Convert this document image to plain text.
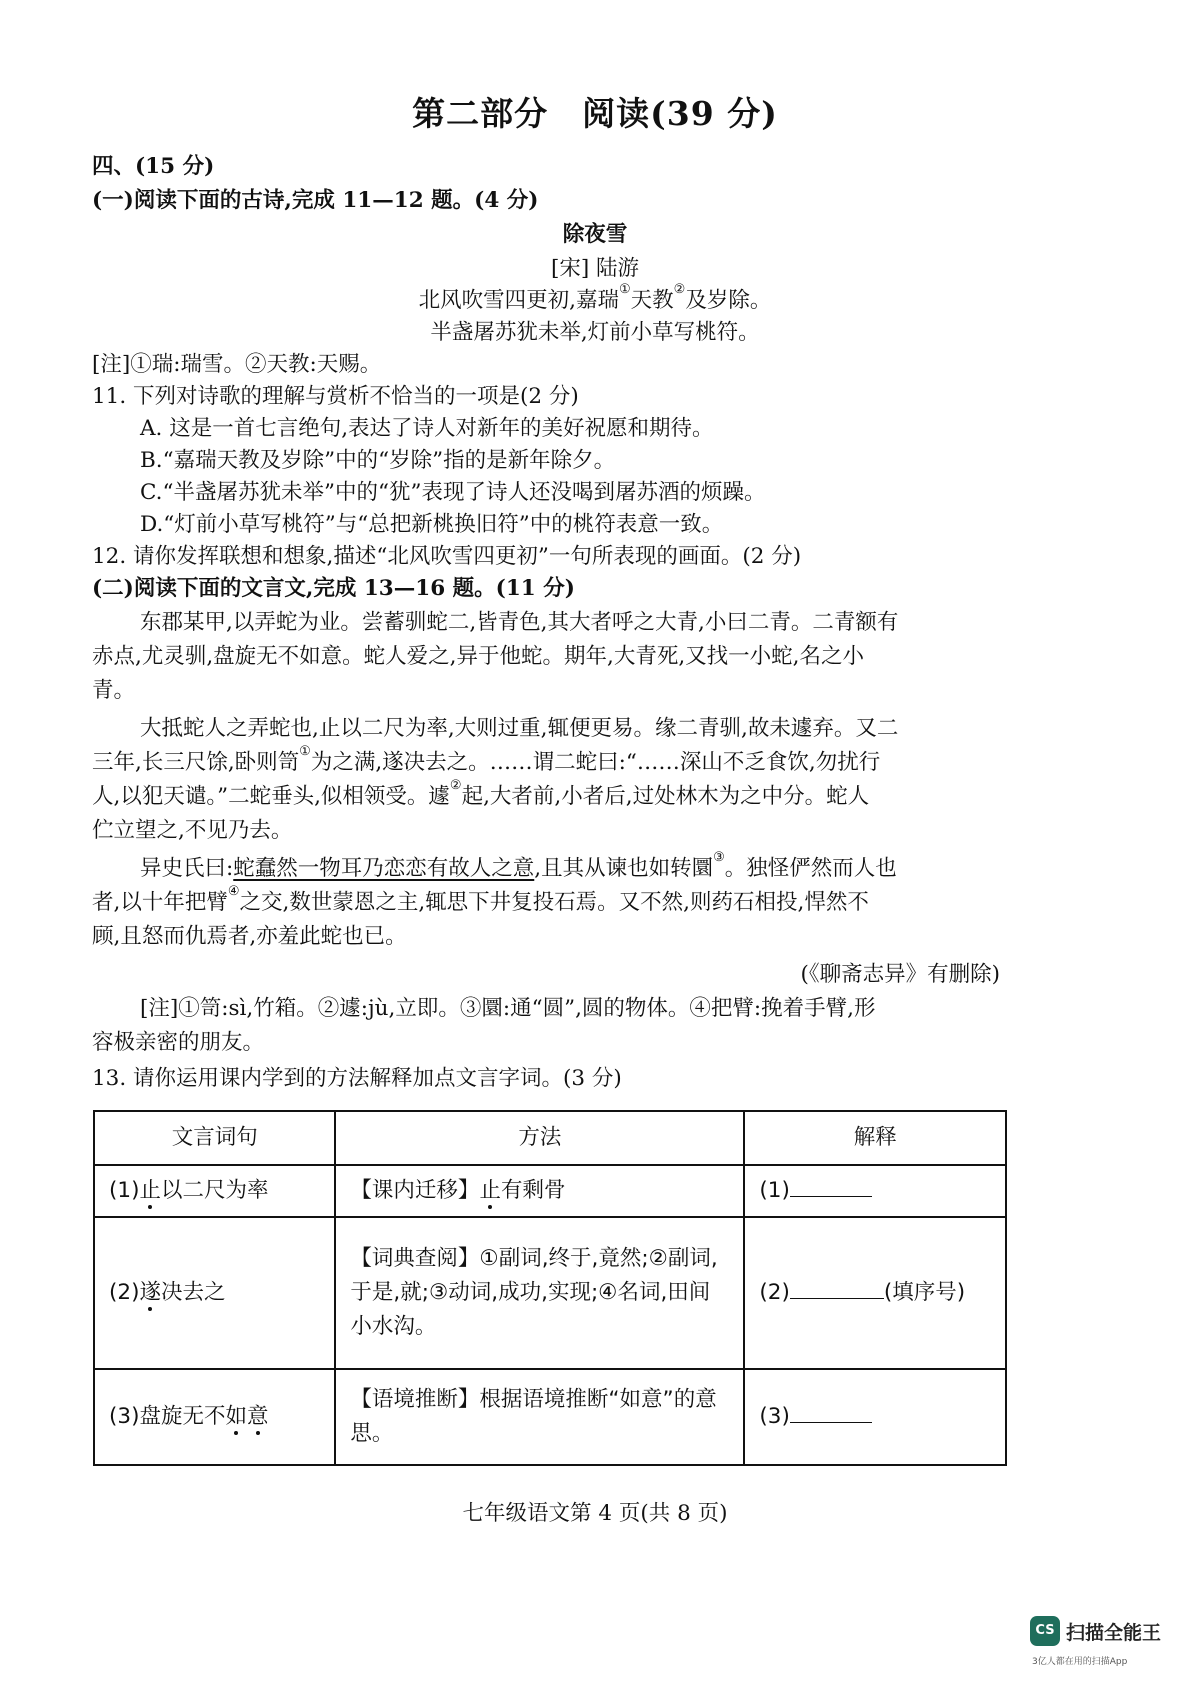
第二部分　阅读(39 分)
四、(15 分)
(一)阅读下面的古诗,完成 11—12 题。(4 分)
除夜雪
[宋] 陆游
北风吹雪四更初,嘉瑞①天教②及岁除。
半盏屠苏犹未举,灯前小草写桃符。
[注]①瑞:瑞雪。②天教:天赐。
11. 下列对诗歌的理解与赏析不恰当的一项是(2 分)
A. 这是一首七言绝句,表达了诗人对新年的美好祝愿和期待。
B.“嘉瑞天教及岁除”中的“岁除”指的是新年除夕。
C.“半盏屠苏犹未举”中的“犹”表现了诗人还没喝到屠苏酒的烦躁。
D.“灯前小草写桃符”与“总把新桃换旧符”中的桃符表意一致。
12. 请你发挥联想和想象,描述“北风吹雪四更初”一句所表现的画面。(2 分)
(二)阅读下面的文言文,完成 13—16 题。(11 分)
东郡某甲,以弄蛇为业。尝蓄驯蛇二,皆青色,其大者呼之大青,小曰二青。二青额有
赤点,尤灵驯,盘旋无不如意。蛇人爱之,异于他蛇。期年,大青死,又找一小蛇,名之小
青。
大抵蛇人之弄蛇也,止以二尺为率,大则过重,辄便更易。缘二青驯,故未遽弃。又二
三年,长三尺馀,卧则笥①为之满,遂决去之。……谓二蛇曰:“……深山不乏食饮,勿扰行
人,以犯天谴。”二蛇垂头,似相领受。遽②起,大者前,小者后,过处林木为之中分。蛇人
伫立望之,不见乃去。
异史氏曰:蛇蠢然一物耳乃恋恋有故人之意,且其从谏也如转圜③。独怪俨然而人也
者,以十年把臂④之交,数世蒙恩之主,辄思下井复投石焉。又不然,则药石相投,悍然不
顾,且怒而仇焉者,亦羞此蛇也已。
(《聊斋志异》有删除)
[注]①笥:sì,竹箱。②遽:jù,立即。③圜:通“圆”,圆的物体。④把臂:挽着手臂,形
容极亲密的朋友。
13. 请你运用课内学到的方法解释加点文言字词。(3 分)
文言词句	方法	解释
(1)止以二尺为率	【课内迁移】止有剩骨	(1)
(2)遂决去之	【词典查阅】①副词,终于,竟然;②副词,于是,就;③动词,成功,实现;④名词,田间小水沟。	(2) (填序号)
(3)盘旋无不如意	【语境推断】根据语境推断“如意”的意思。	(3)
七年级语文第 4 页(共 8 页)
CS 扫描全能王
3亿人都在用的扫描App
